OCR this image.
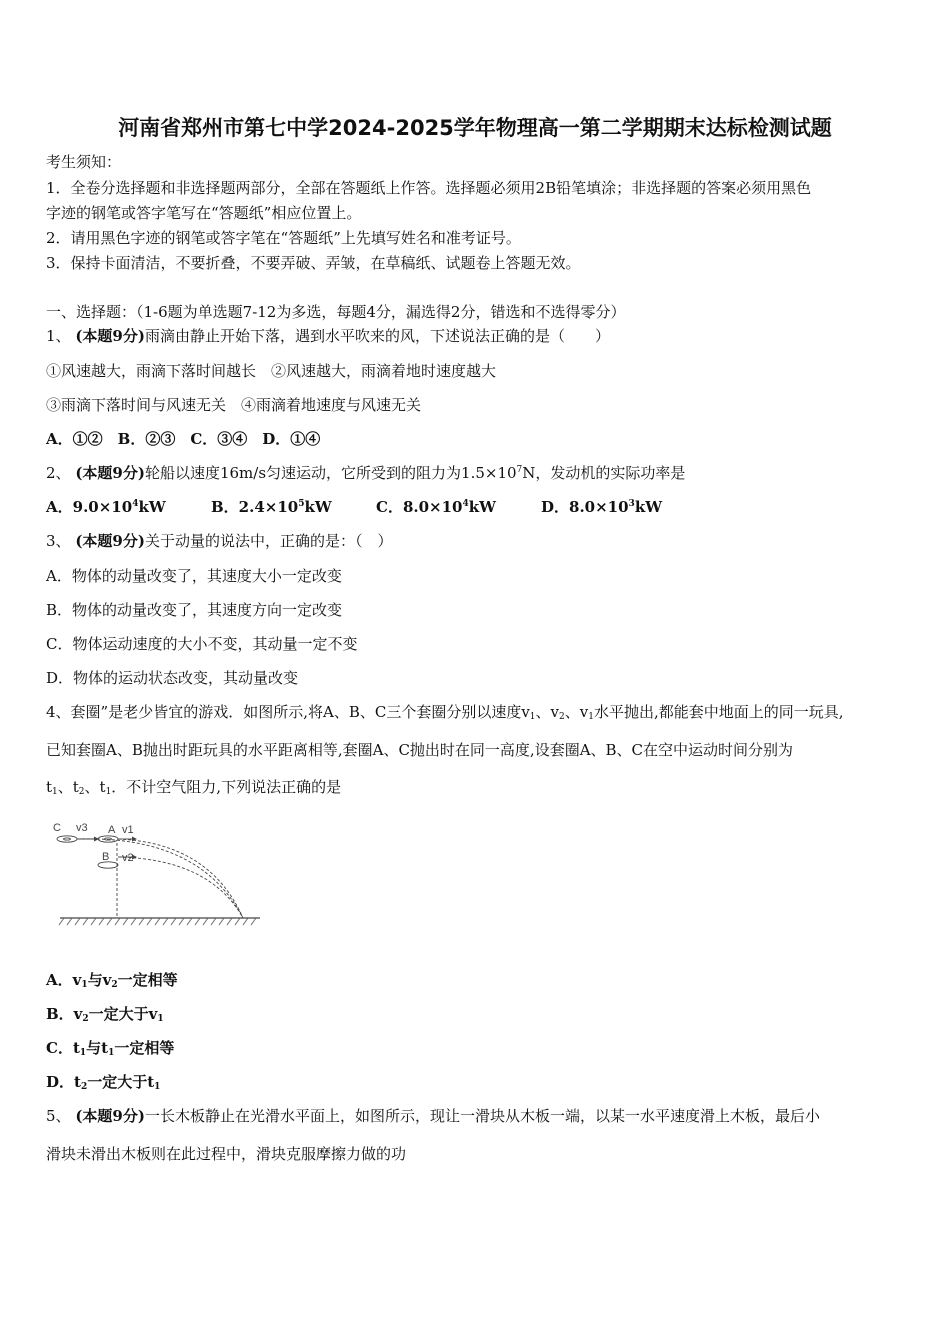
河南省郑州市第七中学2024-2025学年物理高一第二学期期末达标检测试题
考生须知：
1．全卷分选择题和非选择题两部分，全部在答题纸上作答。选择题必须用2B铅笔填涂；非选择题的答案必须用黑色
字迹的钢笔或答字笔写在“答题纸”相应位置上。
2．请用黑色字迹的钢笔或答字笔在“答题纸”上先填写姓名和准考证号。
3．保持卡面清洁，不要折叠，不要弄破、弄皱，在草稿纸、试题卷上答题无效。
一、选择题：（1-6题为单选题7-12为多选，每题4分，漏选得2分，错选和不选得零分）
1、 (本题9分)雨滴由静止开始下落，遇到水平吹来的风，下述说法正确的是（　　）
①风速越大，雨滴下落时间越长　②风速越大，雨滴着地时速度越大
③雨滴下落时间与风速无关　④雨滴着地速度与风速无关
A．①②　B．②③　C．③④　D．①④
2、 (本题9分)轮船以速度16m/s匀速运动，它所受到的阻力为$1.5\times 10^7N$，发动机的实际功率是
A．$9.0\times 10^4kW$	B．$2.4\times 10^5kW$	C．$8.0\times 10^4kW$	D．$8.0\times 10^3kW$
3、 (本题9分)关于动量的说法中，正确的是：（　）
A．物体的动量改变了，其速度大小一定改变
B．物体的动量改变了，其速度方向一定改变
C．物体运动速度的大小不变，其动量一定不变
D．物体的运动状态改变，其动量改变
4、套圈”是老少皆宜的游戏．如图所示,将A、B、C三个套圈分别以速度$v_1$、$v_2$、$v_1$水平抛出,都能套中地面上的同一玩具,
已知套圈A、B抛出时距玩具的水平距离相等,套圈A、C抛出时在同一高度,设套圈A、B、C在空中运动时间分别为
$t_1$、$t_2$、$t_1$．不计空气阻力,下列说法正确的是
C v3 A v1
B v2
A．$v_1$与$v_2$一定相等
B．$v_2$一定大于$v_1$
C．$t_1$与$t_1$一定相等
D．$t_2$一定大于$t_1$
5、 (本题9分)一长木板静止在光滑水平面上，如图所示，现让一滑块从木板一端，以某一水平速度滑上木板，最后小
滑块未滑出木板则在此过程中，滑块克服摩擦力做的功
